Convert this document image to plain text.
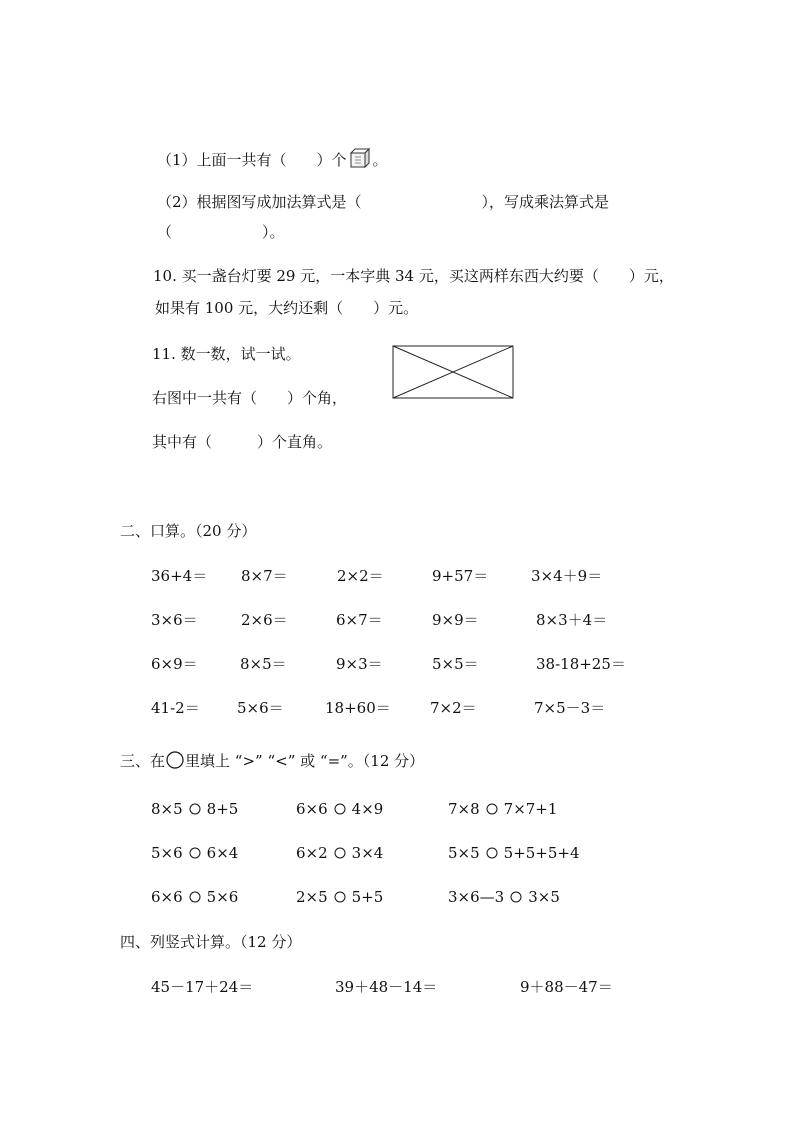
（1）上面一共有（　　）个 。
（2）根据图写成加法算式是（　　　　　　　　），写成乘法算式是
（　　　　　　）。
10. 买一盏台灯要 29 元，一本字典 34 元，买这两样东西大约要（　　）元，
如果有 100 元，大约还剩（　　）元。
11. 数一数，试一试。
右图中一共有（　　）个角，
其中有（　　　）个直角。
二、口算。（20 分）
36+4＝ 8×7＝	2×2＝	9+57＝	3×4＋9＝
3×6＝	2×6＝	6×7＝	9×9＝	8×3＋4＝
6×9＝	8×5＝	9×3＝	5×5＝	38-18+25＝
41-2＝ 5×6＝	18+60＝	7×2＝	7×5－3＝
三、在 里填上 “>” “<” 或 “=”。（12 分）
8×5 8+5	6×6 4×9	7×8 7×7+1
5×6 6×4	6×2 3×4	5×5 5+5+5+4
6×6 5×6	2×5 5+5	3×6—3 3×5
四、列竖式计算。（12 分）
45－17＋24＝	39＋48－14＝	9＋88－47＝
